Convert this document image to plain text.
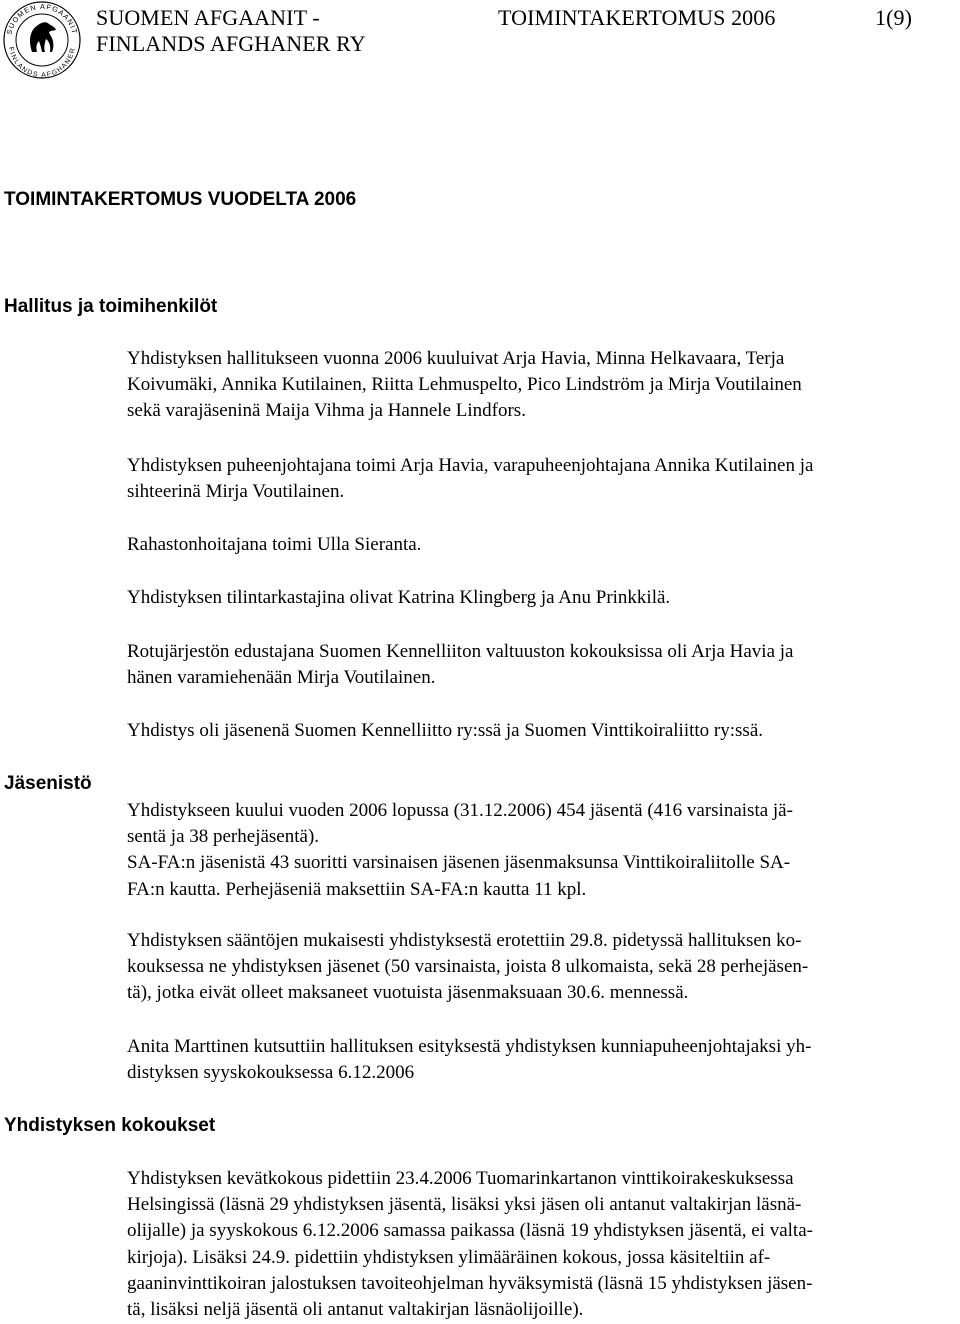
SUOMEN AFGAANIT
FINLANDS AFGHANER
SUOMEN AFGAANIT -
FINLANDS AFGHANER RY
TOIMINTAKERTOMUS 2006	1(9)
TOIMINTAKERTOMUS VUODELTA 2006
Hallitus ja toimihenkilöt
Jäsenistö
Yhdistyksen kokoukset
Yhdistyksen hallitukseen vuonna 2006 kuuluivat Arja Havia, Minna Helkavaara, Terja
Koivumäki, Annika Kutilainen, Riitta Lehmuspelto, Pico Lindström ja Mirja Voutilainen
sekä varajäseninä Maija Vihma ja Hannele Lindfors.
Yhdistyksen puheenjohtajana toimi Arja Havia, varapuheenjohtajana Annika Kutilainen ja
sihteerinä Mirja Voutilainen.
Rahastonhoitajana toimi Ulla Sieranta.
Yhdistyksen tilintarkastajina olivat Katrina Klingberg ja Anu Prinkkilä.
Rotujärjestön edustajana Suomen Kennelliiton valtuuston kokouksissa oli Arja Havia ja
hänen varamiehenään Mirja Voutilainen.
Yhdistys oli jäsenenä Suomen Kennelliitto ry:ssä ja Suomen Vinttikoiraliitto ry:ssä.
Yhdistykseen kuului vuoden 2006 lopussa (31.12.2006) 454 jäsentä (416 varsinaista jä-
sentä ja 38 perhejäsentä).
SA-FA:n jäsenistä 43 suoritti varsinaisen jäsenen jäsenmaksunsa Vinttikoiraliitolle SA-
FA:n kautta. Perhejäseniä maksettiin SA-FA:n kautta 11 kpl.
Yhdistyksen sääntöjen mukaisesti yhdistyksestä erotettiin 29.8. pidetyssä hallituksen ko-
kouksessa ne yhdistyksen jäsenet (50 varsinaista, joista 8 ulkomaista, sekä 28 perhejäsen-
tä), jotka eivät olleet maksaneet vuotuista jäsenmaksuaan 30.6. mennessä.
Anita Marttinen kutsuttiin hallituksen esityksestä yhdistyksen kunniapuheenjohtajaksi yh-
distyksen syyskokouksessa 6.12.2006
Yhdistyksen kevätkokous pidettiin 23.4.2006 Tuomarinkartanon vinttikoirakeskuksessa
Helsingissä (läsnä 29 yhdistyksen jäsentä, lisäksi yksi jäsen oli antanut valtakirjan läsnä-
olijalle) ja syyskokous 6.12.2006 samassa paikassa (läsnä 19 yhdistyksen jäsentä, ei valta-
kirjoja). Lisäksi 24.9. pidettiin yhdistyksen ylimääräinen kokous, jossa käsiteltiin af-
gaaninvinttikoiran jalostuksen tavoiteohjelman hyväksymistä (läsnä 15 yhdistyksen jäsen-
tä, lisäksi neljä jäsentä oli antanut valtakirjan läsnäolijoille).
